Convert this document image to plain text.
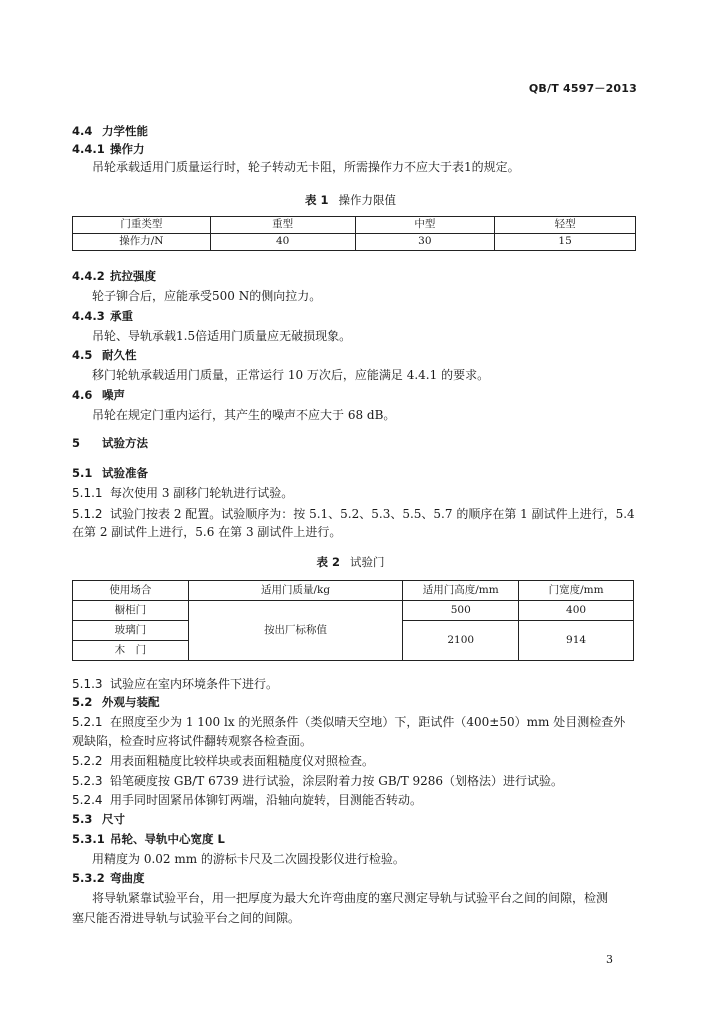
QB/T 4597－2013
4.4 力学性能
4.4.1 操作力
吊轮承载适用门质量运行时，轮子转动无卡阻，所需操作力不应大于表1的规定。
表 1 操作力限值
门重类型	重型	中型	轻型
操作力/N	40	30	15
4.4.2 抗拉强度
轮子铆合后，应能承受500 N的侧向拉力。
4.4.3 承重
吊轮、导轨承载1.5倍适用门质量应无破损现象。
4.5 耐久性
移门轮轨承载适用门质量，正常运行 10 万次后，应能满足 4.4.1 的要求。
4.6 噪声
吊轮在规定门重内运行，其产生的噪声不应大于 68 dB。
5 试验方法
5.1 试验准备
5.1.1 每次使用 3 副移门轮轨进行试验。
5.1.2 试验门按表 2 配置。试验顺序为：按 5.1、5.2、5.3、5.5、5.7 的顺序在第 1 副试件上进行，5.4
在第 2 副试件上进行，5.6 在第 3 副试件上进行。
表 2 试验门
使用场合	适用门质量/kg	适用门高度/mm	门宽度/mm
橱柜门	按出厂标称值	500	400
玻璃门		2100	914
木　门			
5.1.3 试验应在室内环境条件下进行。
5.2 外观与装配
5.2.1 在照度至少为 1 100 lx 的光照条件（类似晴天空地）下，距试件（400±50）mm 处目测检查外
观缺陷，检查时应将试件翻转观察各检查面。
5.2.2 用表面粗糙度比较样块或表面粗糙度仪对照检查。
5.2.3 铅笔硬度按 GB/T 6739 进行试验，涂层附着力按 GB/T 9286（划格法）进行试验。
5.2.4 用手同时固紧吊体铆钉两端，沿轴向旋转，目测能否转动。
5.3 尺寸
5.3.1 吊轮、导轨中心宽度 L
用精度为 0.02 mm 的游标卡尺及二次圆投影仪进行检验。
5.3.2 弯曲度
将导轨紧靠试验平台，用一把厚度为最大允许弯曲度的塞尺测定导轨与试验平台之间的间隙，检测
塞尺能否滑进导轨与试验平台之间的间隙。
3
